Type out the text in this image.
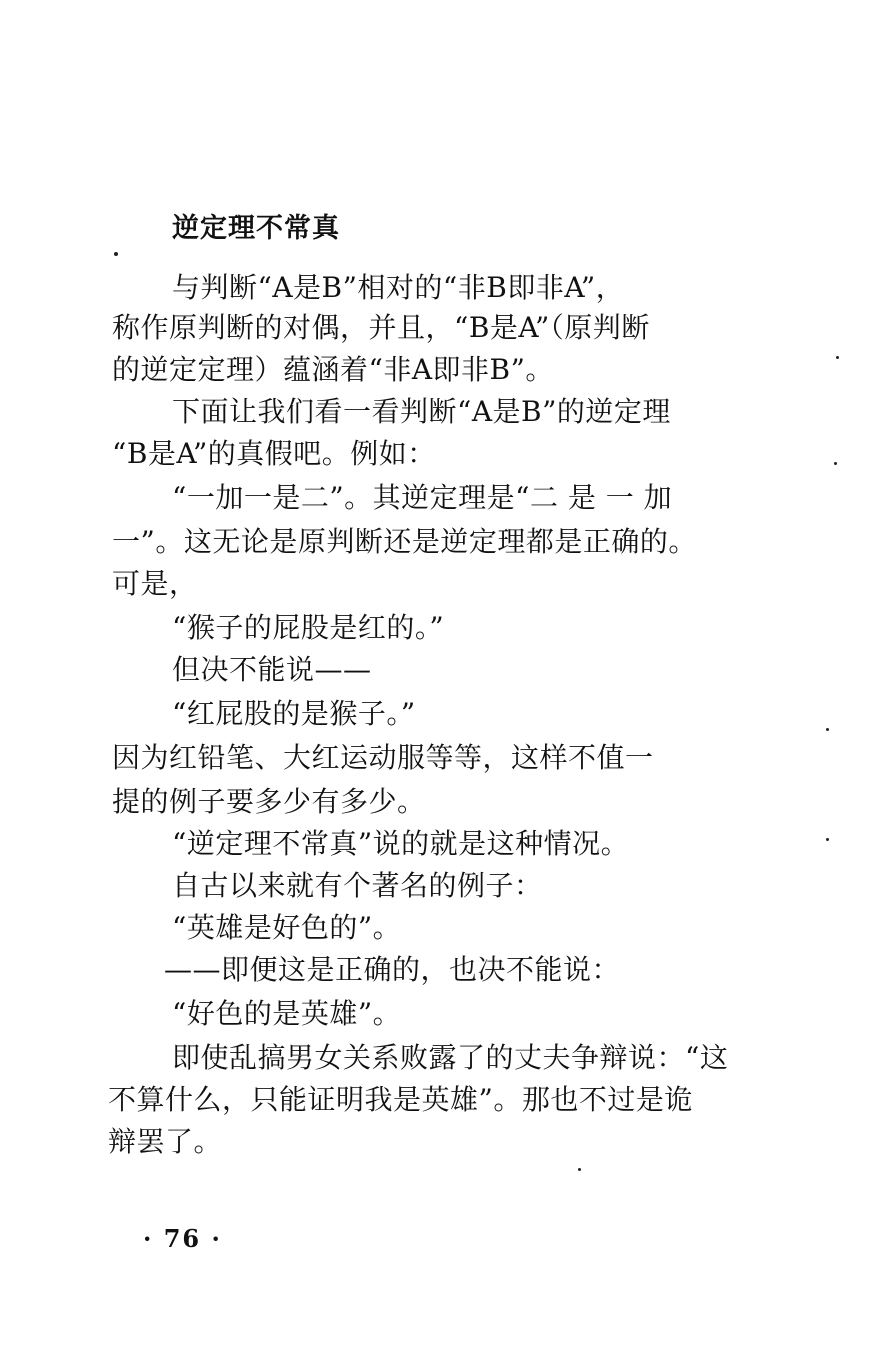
逆定理不常真
与判断“A是B”相对的“非B即非A”，
称作原判断的对偶，并且，“B是A”（原判断
的逆定定理）蕴涵着“非A即非B”。
下面让我们看一看判断“A是B”的逆定理
“B是A”的真假吧。例如：
“一加一是二”。其逆定理是“二 是 一 加
一”。这无论是原判断还是逆定理都是正确的。
可是，
“猴子的屁股是红的。”
但决不能说——
“红屁股的是猴子。”
因为红铅笔、大红运动服等等，这样不值一
提的例子要多少有多少。
“逆定理不常真”说的就是这种情况。
自古以来就有个著名的例子：
“英雄是好色的”。
——即便这是正确的，也决不能说：
“好色的是英雄”。
即使乱搞男女关系败露了的丈夫争辩说：“这
不算什么，只能证明我是英雄”。那也不过是诡
辩罢了。
· 76 ·
